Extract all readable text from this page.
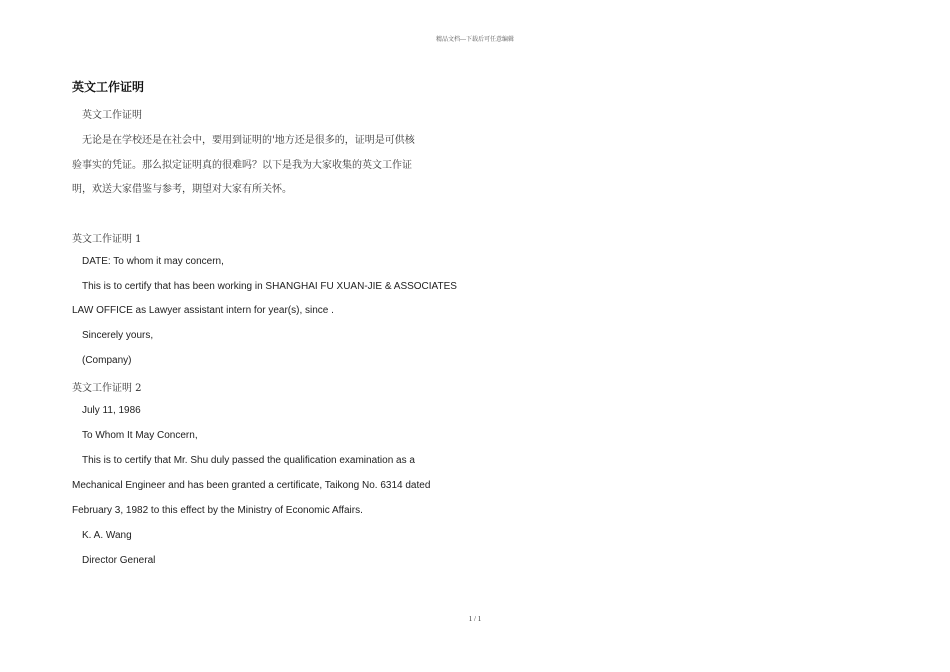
精品文档---下载后可任意编辑
英文工作证明
英文工作证明
无论是在学校还是在社会中，要用到证明的'地方还是很多的，证明是可供核
验事实的凭证。那么拟定证明真的很难吗？以下是我为大家收集的英文工作证
明，欢送大家借鉴与参考，期望对大家有所关怀。
英文工作证明 1
DATE: To whom it may concern,
This is to certify that has been working in SHANGHAI FU XUAN-JIE & ASSOCIATES
LAW OFFICE as Lawyer assistant intern for year(s), since .
Sincerely yours,
(Company)
英文工作证明 2
July 11, 1986
To Whom It May Concern,
This is to certify that Mr. Shu duly passed the qualification examination as a
Mechanical Engineer and has been granted a certificate, Taikong No. 6314 dated
February 3, 1982 to this effect by the Ministry of Economic Affairs.
K. A. Wang
Director General
1 / 1
